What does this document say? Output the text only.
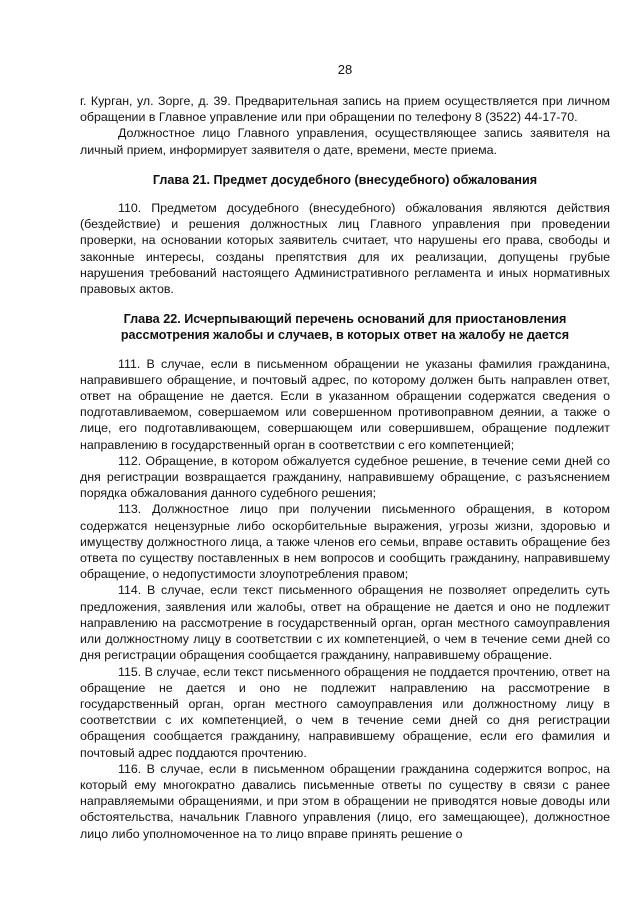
28

г. Курган, ул. Зорге, д. 39. Предварительная запись на прием осуществляется при личном обращении в Главное управление или при обращении по телефону 8 (3522) 44-17-70.

Должностное лицо Главного управления, осуществляющее запись заявителя на личный прием, информирует заявителя о дате, времени, месте приема.

Глава 21. Предмет досудебного (внесудебного) обжалования

110. Предметом досудебного (внесудебного) обжалования являются действия (бездействие) и решения должностных лиц Главного управления при проведении проверки, на основании которых заявитель считает, что нарушены его права, свободы и законные интересы, созданы препятствия для их реализации, допущены грубые нарушения требований настоящего Административного регламента и иных нормативных правовых актов.

Глава 22. Исчерпывающий перечень оснований для приостановления
рассмотрения жалобы и случаев, в которых ответ на жалобу не дается

111. В случае, если в письменном обращении не указаны фамилия гражданина, направившего обращение, и почтовый адрес, по которому должен быть направлен ответ, ответ на обращение не дается. Если в указанном обращении содержатся сведения о подготавливаемом, совершаемом или совершенном противоправном деянии, а также о лице, его подготавливающем, совершающем или совершившем, обращение подлежит направлению в государственный орган в соответствии с его компетенцией;

112. Обращение, в котором обжалуется судебное решение, в течение семи дней со дня регистрации возвращается гражданину, направившему обращение, с разъяснением порядка обжалования данного судебного решения;

113. Должностное лицо при получении письменного обращения, в котором содержатся нецензурные либо оскорбительные выражения, угрозы жизни, здоровью и имуществу должностного лица, а также членов его семьи, вправе оставить обращение без ответа по существу поставленных в нем вопросов и сообщить гражданину, направившему обращение, о недопустимости злоупотребления правом;

114. В случае, если текст письменного обращения не позволяет определить суть предложения, заявления или жалобы, ответ на обращение не дается и оно не подлежит направлению на рассмотрение в государственный орган, орган местного самоуправления или должностному лицу в соответствии с их компетенцией, о чем в течение семи дней со дня регистрации обращения сообщается гражданину, направившему обращение.

115. В случае, если текст письменного обращения не поддается прочтению, ответ на обращение не дается и оно не подлежит направлению на рассмотрение в государственный орган, орган местного самоуправления или должностному лицу в соответствии с их компетенцией, о чем в течение семи дней со дня регистрации обращения сообщается гражданину, направившему обращение, если его фамилия и почтовый адрес поддаются прочтению.

116. В случае, если в письменном обращении гражданина содержится вопрос, на который ему многократно давались письменные ответы по существу в связи с ранее направляемыми обращениями, и при этом в обращении не приводятся новые доводы или обстоятельства, начальник Главного управления (лицо, его замещающее), должностное лицо либо уполномоченное на то лицо вправе принять решение о
